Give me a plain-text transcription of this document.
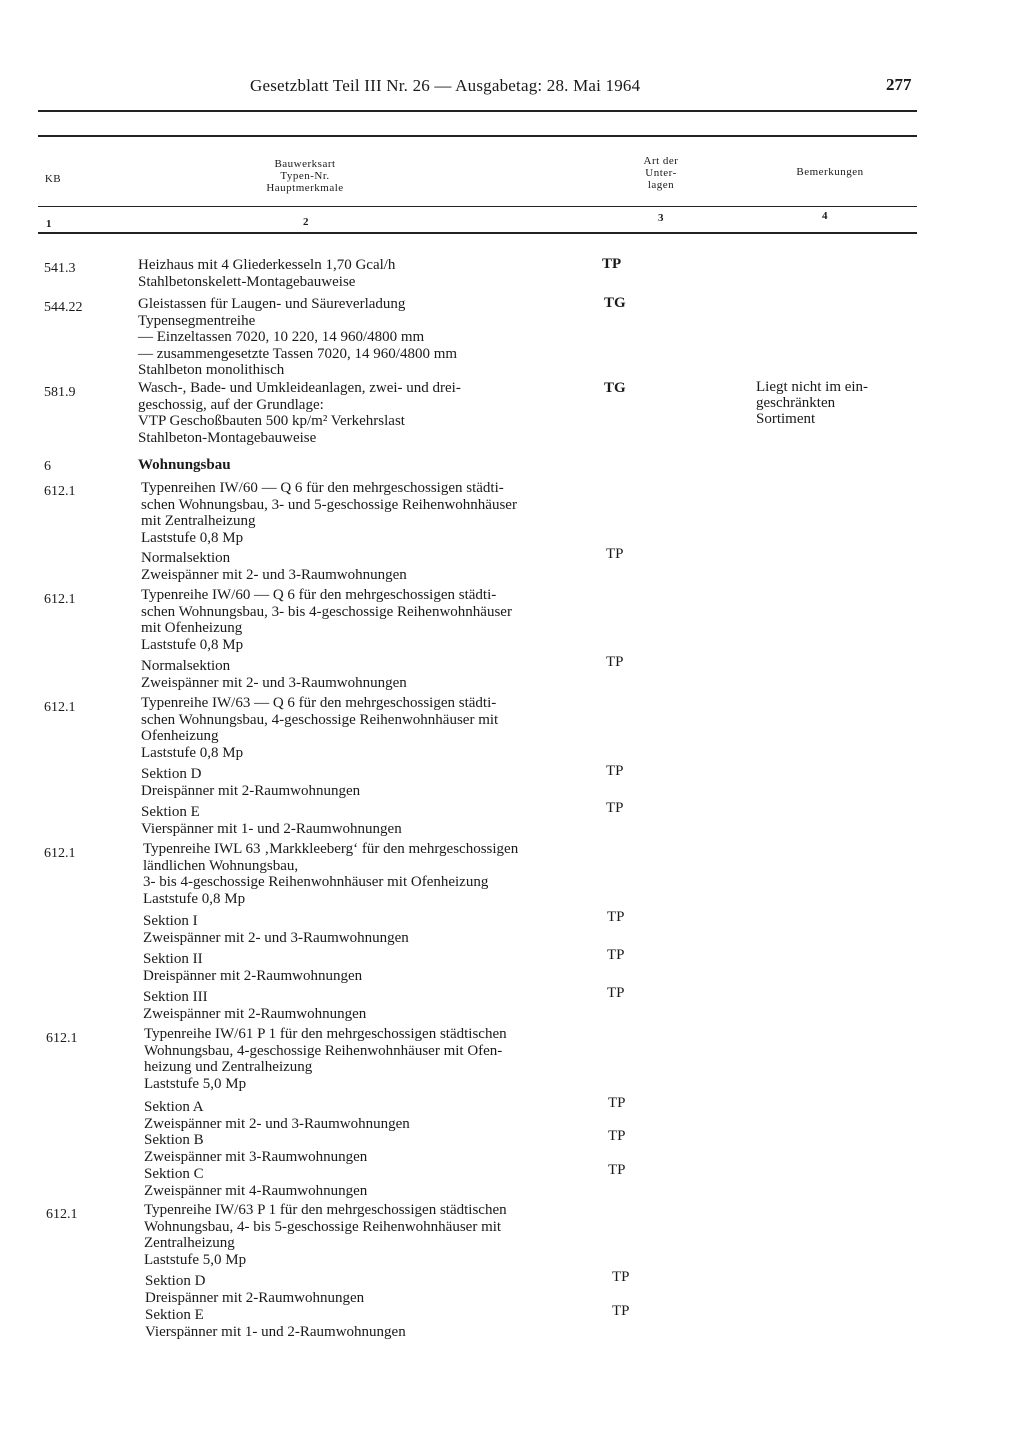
Gesetzblatt Teil III Nr. 26 — Ausgabetag: 28. Mai 1964	277
KB
Bauwerksart
Typen-Nr.
Hauptmerkmale
Art der
Unter-
lagen
Bemerkungen
1	2	3	4
541.3	Heizhaus mit 4 Gliederkesseln 1,70 Gcal/h
Stahlbetonskelett-Montagebauweise
TP
544.22	Gleistassen für Laugen- und Säureverladung
Typensegmentreihe
— Einzeltassen 7020, 10 220, 14 960/4800 mm
— zusammengesetzte Tassen 7020, 14 960/4800 mm
Stahlbeton monolithisch
TG
581.9	Wasch-, Bade- und Umkleideanlagen, zwei- und drei-
geschossig, auf der Grundlage:
VTP Geschoßbauten 500 kp/m² Verkehrslast
Stahlbeton-Montagebauweise
TG	Liegt nicht im ein-
geschränkten
Sortiment
6	Wohnungsbau
612.1	Typenreihen IW/60 — Q 6 für den mehrgeschossigen städti-
schen Wohnungsbau, 3- und 5-geschossige Reihenwohnhäuser
mit Zentralheizung
Laststufe 0,8 Mp
Normalsektion
Zweispänner mit 2- und 3-Raumwohnungen
TP
612.1	Typenreihe IW/60 — Q 6 für den mehrgeschossigen städti-
schen Wohnungsbau, 3- bis 4-geschossige Reihenwohnhäuser
mit Ofenheizung
Laststufe 0,8 Mp
Normalsektion
Zweispänner mit 2- und 3-Raumwohnungen
TP
612.1	Typenreihe IW/63 — Q 6 für den mehrgeschossigen städti-
schen Wohnungsbau, 4-geschossige Reihenwohnhäuser mit
Ofenheizung
Laststufe 0,8 Mp
Sektion D
Dreispänner mit 2-Raumwohnungen
TP
Sektion E
Vierspänner mit 1- und 2-Raumwohnungen
TP
612.1	Typenreihe IWL 63 ‚Markkleeberg‘ für den mehrgeschossigen
ländlichen Wohnungsbau,
3- bis 4-geschossige Reihenwohnhäuser mit Ofenheizung
Laststufe 0,8 Mp
Sektion I
Zweispänner mit 2- und 3-Raumwohnungen
TP
Sektion II
Dreispänner mit 2-Raumwohnungen
TP
Sektion III
Zweispänner mit 2-Raumwohnungen
TP
612.1	Typenreihe IW/61 P 1 für den mehrgeschossigen städtischen
Wohnungsbau, 4-geschossige Reihenwohnhäuser mit Ofen-
heizung und Zentralheizung
Laststufe 5,0 Mp
Sektion A
Zweispänner mit 2- und 3-Raumwohnungen
TP
Sektion B
Zweispänner mit 3-Raumwohnungen
TP
Sektion C
Zweispänner mit 4-Raumwohnungen
TP
612.1	Typenreihe IW/63 P 1 für den mehrgeschossigen städtischen
Wohnungsbau, 4- bis 5-geschossige Reihenwohnhäuser mit
Zentralheizung
Laststufe 5,0 Mp
Sektion D
Dreispänner mit 2-Raumwohnungen
TP
Sektion E
Vierspänner mit 1- und 2-Raumwohnungen
TP
